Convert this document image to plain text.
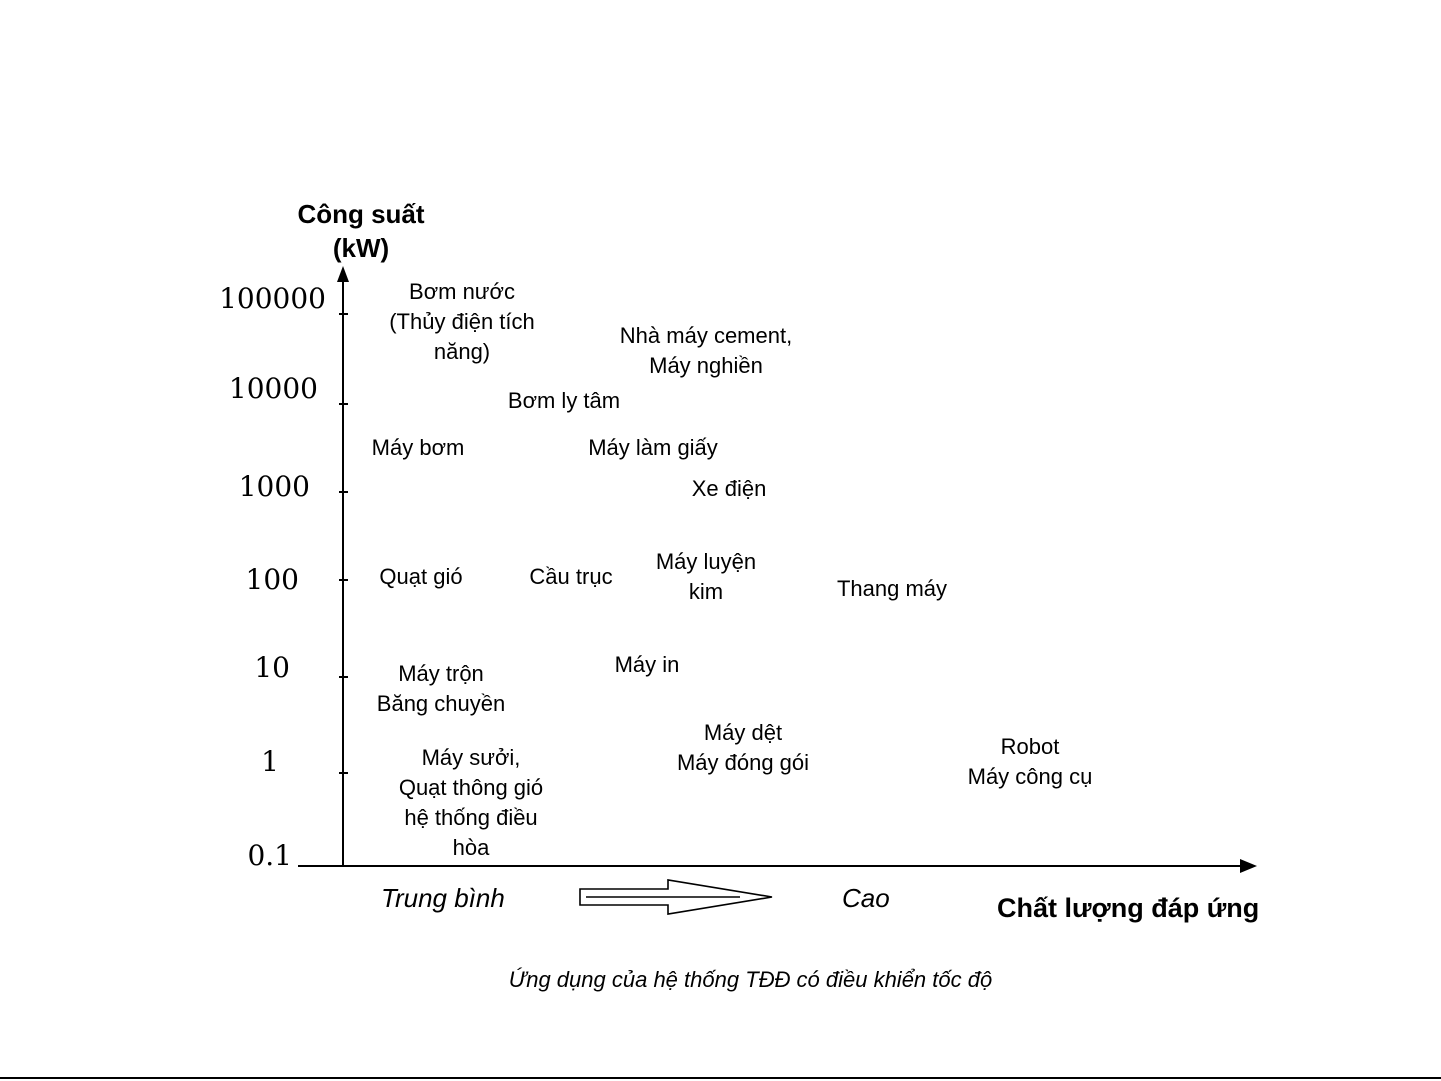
Công suất
(kW)
100000
10000
1000
100
10
1
0.1
Bơm nước
(Thủy điện tích
năng)
Nhà máy cement,
Máy nghiền
Bơm ly tâm
Máy bơm	Máy làm giấy
Xe điện
Quạt gió	Cầu trục
Máy luyện
kim	Thang máy
Máy trộn
Băng chuyền
Máy in
Máy dệt
Máy đóng gói
Robot
Máy công cụ
Máy sưởi,
Quạt thông gió
hệ thống điều
hòa
Trung bình	Cao	Chất lượng đáp ứng
Ứng dụng của hệ thống TĐĐ có điều khiển tốc độ
